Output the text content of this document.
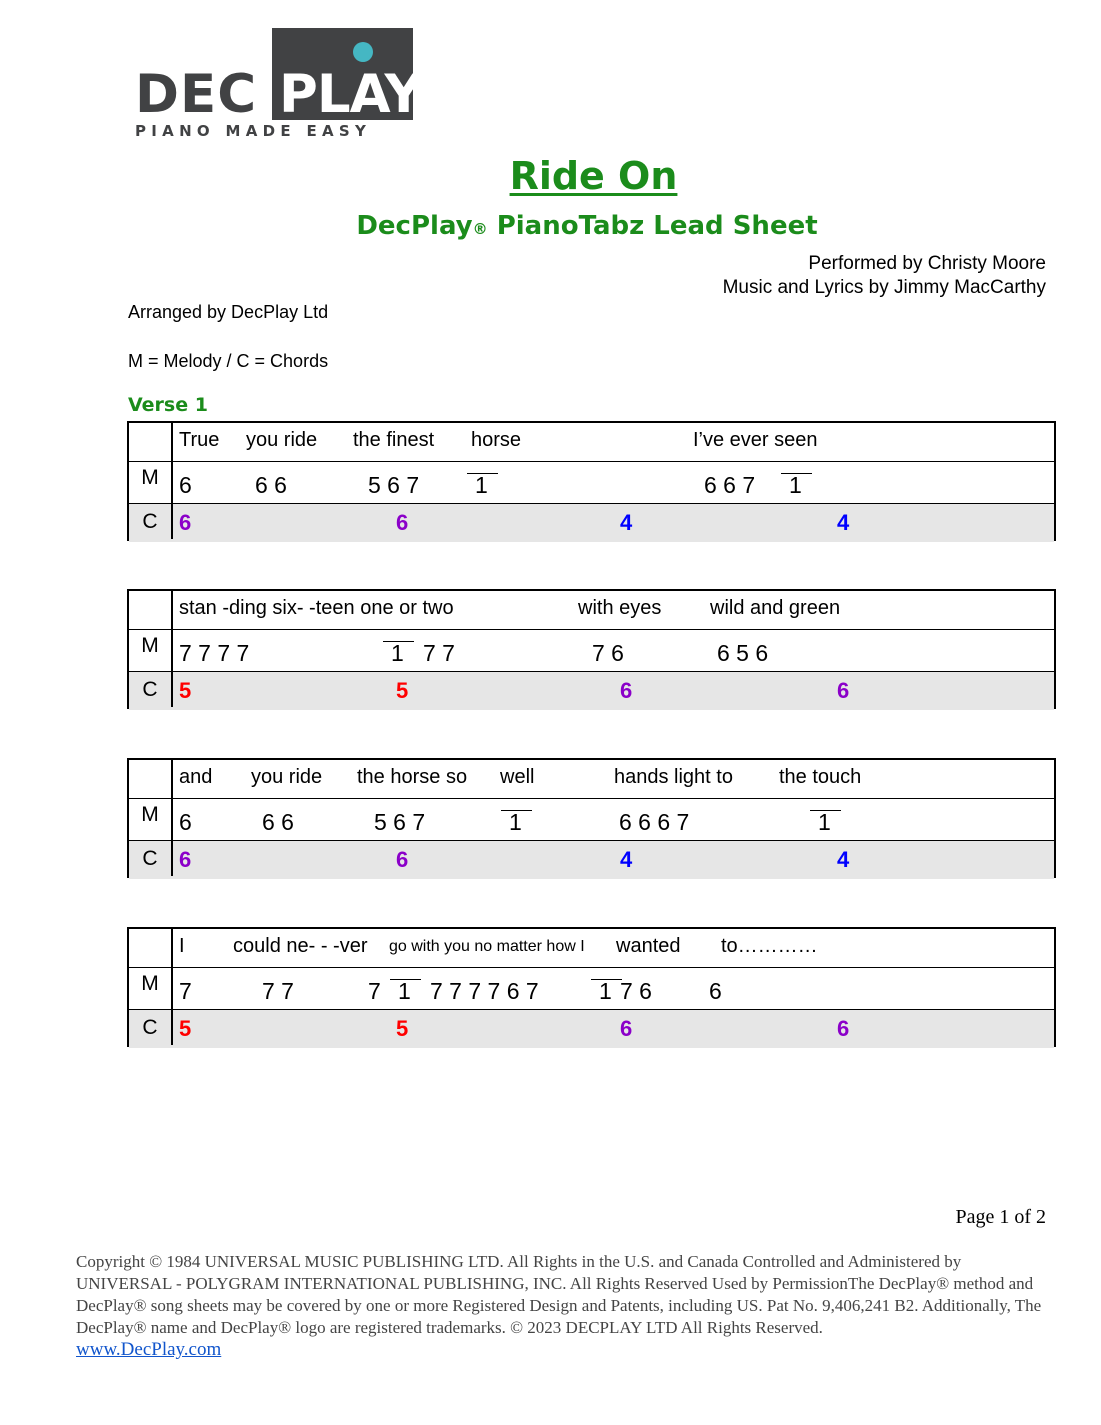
DEC PLAY
PIANO MADE EASY
Ride On
DecPlay® PianoTabz Lead Sheet
Performed by Christy Moore
Music and Lyrics by Jimmy MacCarthy
Arranged by DecPlay Ltd
M = Melody / C = Chords
Verse 1
True you ride the finest horse	I’ve ever seen
M 6	6 6	5 6 7 1	6 6 7 1
C 6	6	4	4
stan -ding six- -teen one or two	with eyes wild and green
M 7 7 7 7	1 7 7	7 6	6 5 6
C 5	5	6	6
and you ride the horse so well	hands light to the touch
M 6	6 6	5 6 7	1	6 6 6 7	1
C 6	6	4	4
I could ne- - -ver go with you no matter how I wanted to…………
M 7	7 7	7 1 7 7 7 7 6 7	1 7 6 6
C 5	5	6	6
Page 1 of 2
Copyright © 1984 UNIVERSAL MUSIC PUBLISHING LTD. All Rights in the U.S. and Canada Controlled and Administered by UNIVERSAL - POLYGRAM INTERNATIONAL PUBLISHING, INC. All Rights Reserved Used by PermissionThe DecPlay® method and DecPlay® song sheets may be covered by one or more Registered Design and Patents, including US. Pat No. 9,406,241 B2. Additionally, The DecPlay® name and DecPlay® logo are registered trademarks. © 2023 DECPLAY LTD All Rights Reserved.
www.DecPlay.com
